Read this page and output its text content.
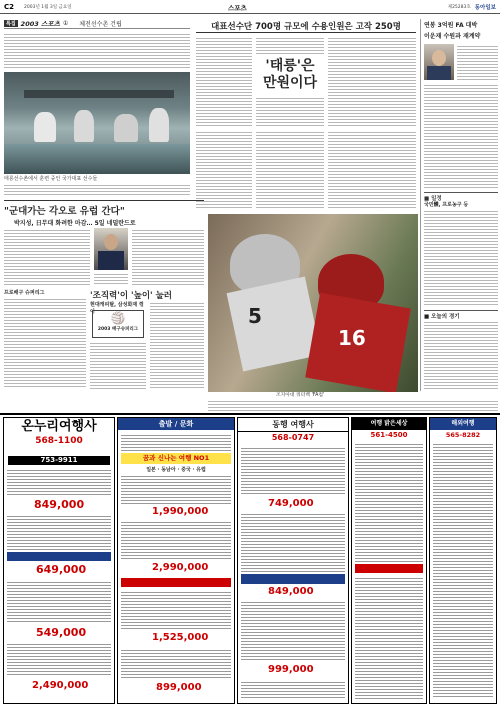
C2 2003년 1월 3일 금요일	스포츠	제25283호 동아일보
특집 2003 스포츠 ① 체전선수촌 건립
태릉선수촌에서 훈련 중인 국가대표 선수들
대표선수단 700명 규모에 수용인원은 고작 250명
'태릉'은
만원이다
연봉 3억원 FA 대박
이운재 수원과 재계약
■ 일정
국민體, 프로농구 등
■ 오늘의 경기
"군대가는 각오로 유럽 간다"
박지성, 日무대 화려한 마감… 5일 네덜란드로
프로배구 슈퍼리그	'조직력'이 '높이' 눌러
현대캐피탈, 삼성화재 꺾어	🏐
2003 배구슈퍼리그
5
16
조지아대 쿼터백 'FA컵'
온누리여행사
568-1100
753-9911
849,000
649,000
549,000
2,490,000
출발 / 문화
꿈과 신나는 여행 NO1
일본 · 동남아 · 중국 · 유럽
1,990,000
2,990,000
1,525,000
899,000
동행 여행사
568-0747
749,000
849,000
999,000
여행 밝은세상
561-4500
해외여행
565-8282
